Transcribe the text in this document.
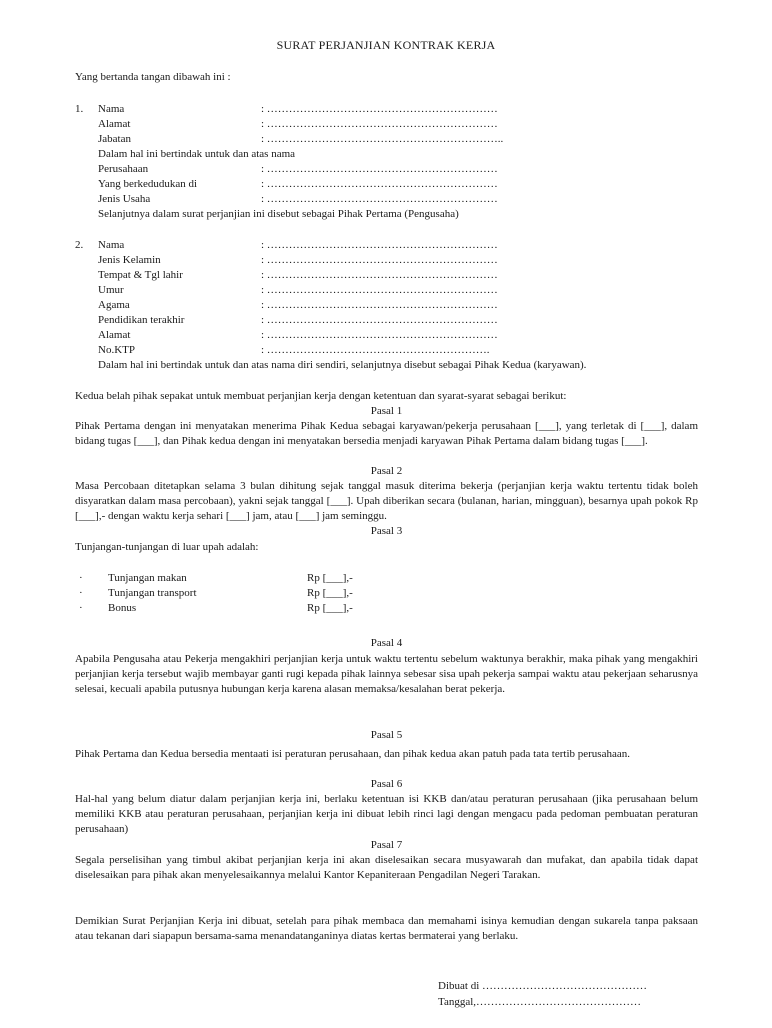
SURAT PERJANJIAN KONTRAK KERJA
Yang bertanda tangan dibawah ini :
1. Nama	: ………………………………………………………
Alamat	: ………………………………………………………
Jabatan	: ………………………………………………………..
Dalam hal ini bertindak untuk dan atas nama
Perusahaan	: ………………………………………………………
Yang berkedudukan di	: ………………………………………………………
Jenis Usaha	: ………………………………………………………
Selanjutnya dalam surat perjanjian ini disebut sebagai Pihak Pertama (Pengusaha)
2. Nama	: ………………………………………………………
Jenis Kelamin	: ………………………………………………………
Tempat & Tgl lahir	: ………………………………………………………
Umur	: ………………………………………………………
Agama	: ………………………………………………………
Pendidikan terakhir	: ………………………………………………………
Alamat	: ………………………………………………………
No.KTP	: …………………………………………………….
Dalam hal ini bertindak untuk dan atas nama diri sendiri, selanjutnya disebut sebagai Pihak Kedua (karyawan).
Kedua belah pihak sepakat untuk membuat perjanjian kerja dengan ketentuan dan syarat-syarat sebagai berikut:
Pasal 1
Pihak Pertama dengan ini menyatakan menerima Pihak Kedua sebagai karyawan/pekerja perusahaan [___], yang terletak di [___], dalam bidang tugas [___], dan Pihak kedua dengan ini menyatakan bersedia menjadi karyawan Pihak Pertama dalam bidang tugas [___].
Pasal 2
Masa Percobaan ditetapkan selama 3 bulan dihitung sejak tanggal masuk diterima bekerja (perjanjian kerja waktu tertentu tidak boleh disyaratkan dalam masa percobaan), yakni sejak tanggal [___]. Upah diberikan secara (bulanan, harian, mingguan), besarnya upah pokok Rp [___],- dengan waktu kerja sehari [___] jam, atau [___] jam seminggu.
Pasal 3
Tunjangan-tunjangan di luar upah adalah:
· Tunjangan makan	Rp [___],-
· Tunjangan transport	Rp [___],-
· Bonus	Rp [___],-
Pasal 4
Apabila Pengusaha atau Pekerja mengakhiri perjanjian kerja untuk waktu tertentu sebelum waktunya berakhir, maka pihak yang mengakhiri perjanjian kerja tersebut wajib membayar ganti rugi kepada pihak lainnya sebesar sisa upah pekerja sampai waktu atau pekerjaan seharusnya selesai, kecuali apabila putusnya hubungan kerja karena alasan memaksa/kesalahan berat pekerja.
Pasal 5
Pihak Pertama dan Kedua bersedia mentaati isi peraturan perusahaan, dan pihak kedua akan patuh pada tata tertib perusahaan.
Pasal 6
Hal-hal yang belum diatur dalam perjanjian kerja ini, berlaku ketentuan isi KKB dan/atau peraturan perusahaan (jika perusahaan belum memiliki KKB atau peraturan perusahaan, perjanjian kerja ini dibuat lebih rinci lagi dengan mengacu pada pedoman pembuatan peraturan perusahaan)
Pasal 7
Segala perselisihan yang timbul akibat perjanjian kerja ini akan diselesaikan secara musyawarah dan mufakat, dan apabila tidak dapat diselesaikan para pihak akan menyelesaikannya melalui Kantor Kepaniteraan Pengadilan Negeri Tarakan.
Demikian Surat Perjanjian Kerja ini dibuat, setelah para pihak membaca dan memahami isinya kemudian dengan sukarela tanpa paksaan atau tekanan dari siapapun bersama-sama menandatanganinya diatas kertas bermaterai yang berlaku.
Dibuat di ………………………………………
Tanggal,………………………………………
